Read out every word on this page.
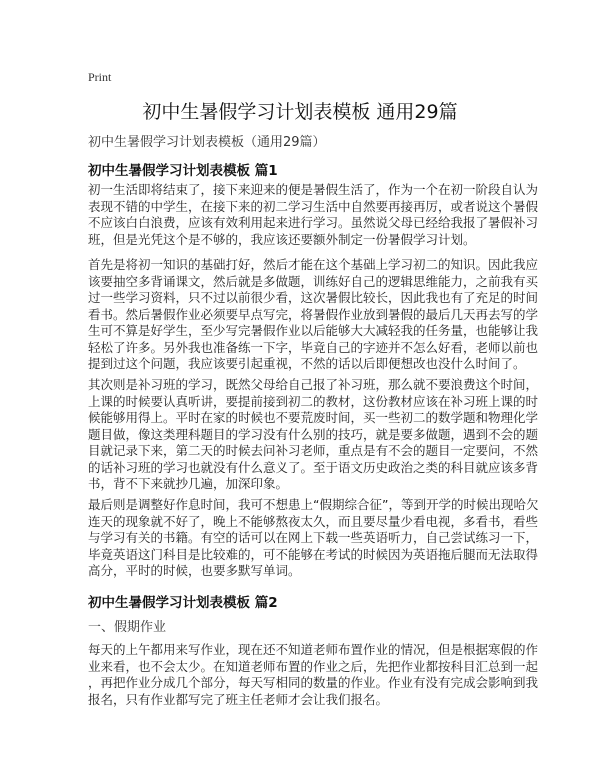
Print
初中生暑假学习计划表模板 通用29篇
初中生暑假学习计划表模板（通用29篇）
初中生暑假学习计划表模板 篇1
初一生活即将结束了，接下来迎来的便是暑假生活了，作为一个在初一阶段自认为
表现不错的中学生，在接下来的初二学习生活中自然要再接再厉，或者说这个暑假
不应该白白浪费，应该有效利用起来进行学习。虽然说父母已经给我报了暑假补习
班，但是光凭这个是不够的，我应该还要额外制定一份暑假学习计划。
首先是将初一知识的基础打好，然后才能在这个基础上学习初二的知识。因此我应
该要抽空多背诵课文，然后就是多做题，训练好自己的逻辑思维能力，之前我有买
过一些学习资料，只不过以前很少看，这次暑假比较长，因此我也有了充足的时间
看书。然后暑假作业必须要早点写完，将暑假作业放到暑假的最后几天再去写的学
生可不算是好学生，至少写完暑假作业以后能够大大减轻我的任务量，也能够让我
轻松了许多。另外我也准备练一下字，毕竟自己的字迹并不怎么好看，老师以前也
提到过这个问题，我应该要引起重视，不然的话以后即便想改也没什么时间了。
其次则是补习班的学习，既然父母给自己报了补习班，那么就不要浪费这个时间，
上课的时候要认真听讲，要提前接到初二的教材，这份教材应该在补习班上课的时
候能够用得上。平时在家的时候也不要荒废时间，买一些初二的数学题和物理化学
题目做，像这类理科题目的学习没有什么别的技巧，就是要多做题，遇到不会的题
目就记录下来，第二天的时候去问补习老师，重点是有不会的题目一定要问，不然
的话补习班的学习也就没有什么意义了。至于语文历史政治之类的科目就应该多背
书，背不下来就抄几遍，加深印象。
最后则是调整好作息时间，我可不想患上“假期综合征”，等到开学的时候出现哈欠
连天的现象就不好了，晚上不能够熬夜太久，而且要尽量少看电视，多看书，看些
与学习有关的书籍。有空的话可以在网上下载一些英语听力，自己尝试练习一下，
毕竟英语这门科目是比较难的，可不能够在考试的时候因为英语拖后腿而无法取得
高分，平时的时候，也要多默写单词。
初中生暑假学习计划表模板 篇2
一、假期作业
每天的上午都用来写作业，现在还不知道老师布置作业的情况，但是根据寒假的作
业来看，也不会太少。在知道老师布置的作业之后，先把作业都按科目汇总到一起
，再把作业分成几个部分，每天写相同的数量的作业。作业有没有完成会影响到我
报名，只有作业都写完了班主任老师才会让我们报名。
